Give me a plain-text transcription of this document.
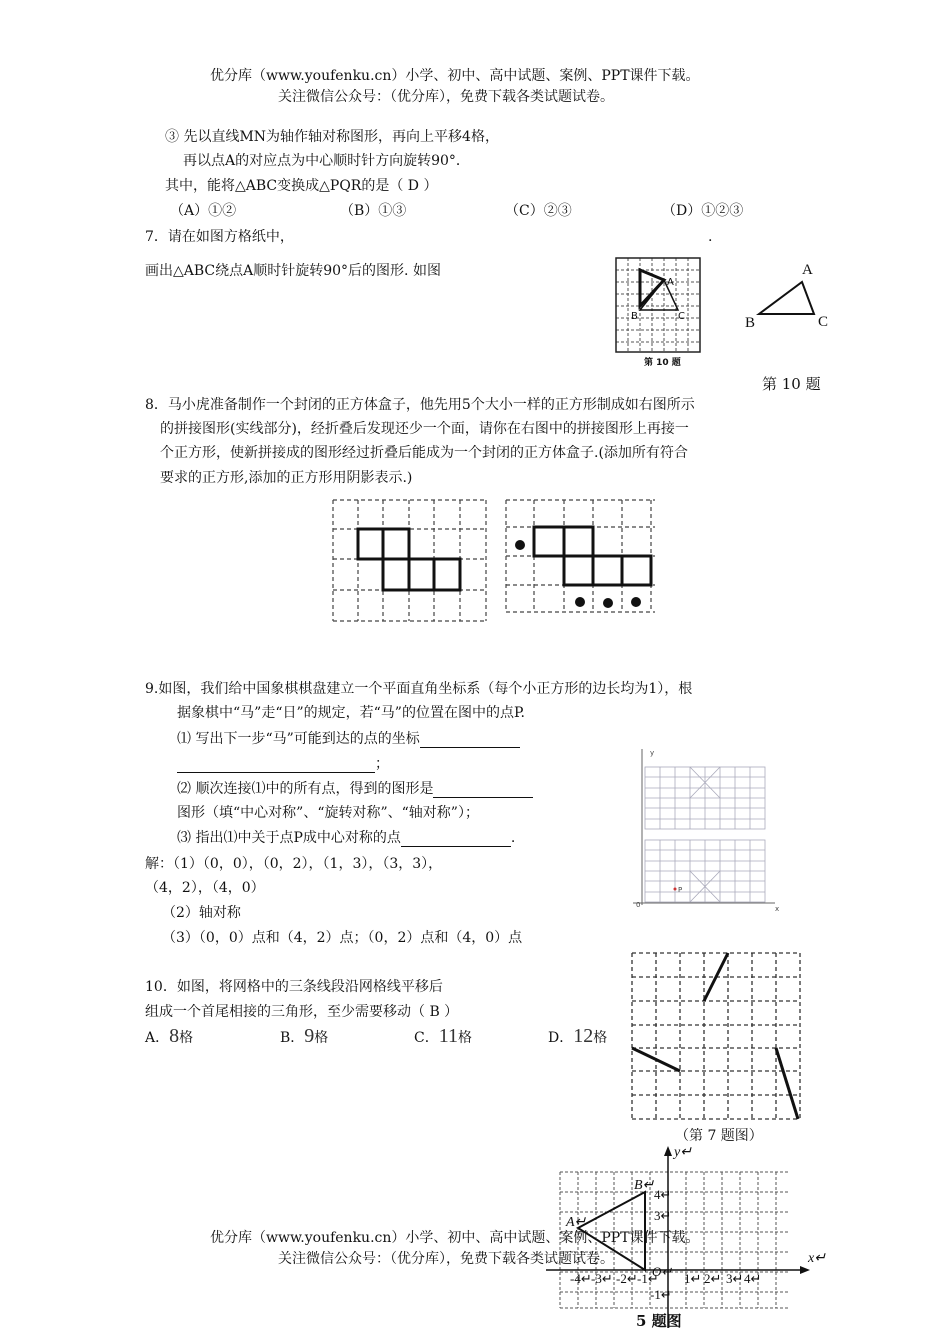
优分库（www.youfenku.cn）小学、初中、高中试题、案例、PPT课件下载。
关注微信公众号：（优分库），免费下载各类试题试卷。
③ 先以直线MN为轴作轴对称图形，再向上平移4格，
再以点A的对应点为中心顺时针方向旋转90°．
其中，能将△ABC变换成△PQR的是（ D ）
（A）①②	（B）①③	（C）②③	（D）①②③
7．请在如图方格纸中，	.
画出△ABC绕点A顺时针旋转90°后的图形. 如图
A
B	C
第 10 题
A
B	C
第 10 题
8．马小虎准备制作一个封闭的正方体盒子，他先用5个大小一样的正方形制成如右图所示
的拼接图形(实线部分)，经折叠后发现还少一个面，请你在右图中的拼接图形上再接一
个正方形，使新拼接成的图形经过折叠后能成为一个封闭的正方体盒子.(添加所有符合
要求的正方形,添加的正方形用阴影表示.)
9.如图，我们给中国象棋棋盘建立一个平面直角坐标系（每个小正方形的边长均为1），根
据象棋中“马”走“日”的规定，若“马”的位置在图中的点P.
⑴ 写出下一步“马”可能到达的点的坐标
；
⑵ 顺次连接⑴中的所有点，得到的图形是
图形（填“中心对称”、“旋转对称”、“轴对称”）；
⑶ 指出⑴中关于点P成中心对称的点	.
解：（1）（0，0），（0，2），（1，3），（3，3），
（4，2），（4，0）
（2）轴对称
（3）（0，0）点和（4，2）点；（0，2）点和（4，0）点
y
x
0
P
10．如图，将网格中的三条线段沿网格线平移后
组成一个首尾相接的三角形，至少需要移动（ B ）
A．8格	B．9格	C．11格	D．12格
（第 7 题图）
y↵
x↵
A↵
B↵
4↵
3↵
-1↵
-4↵ -3↵ -2↵ -1↵
O↵ 1↵ 2↵ 3↵ 4↵
5 题图
优分库（www.youfenku.cn）小学、初中、高中试题、案例、PPT课件下载。
关注微信公众号：（优分库），免费下载各类试题试卷。
